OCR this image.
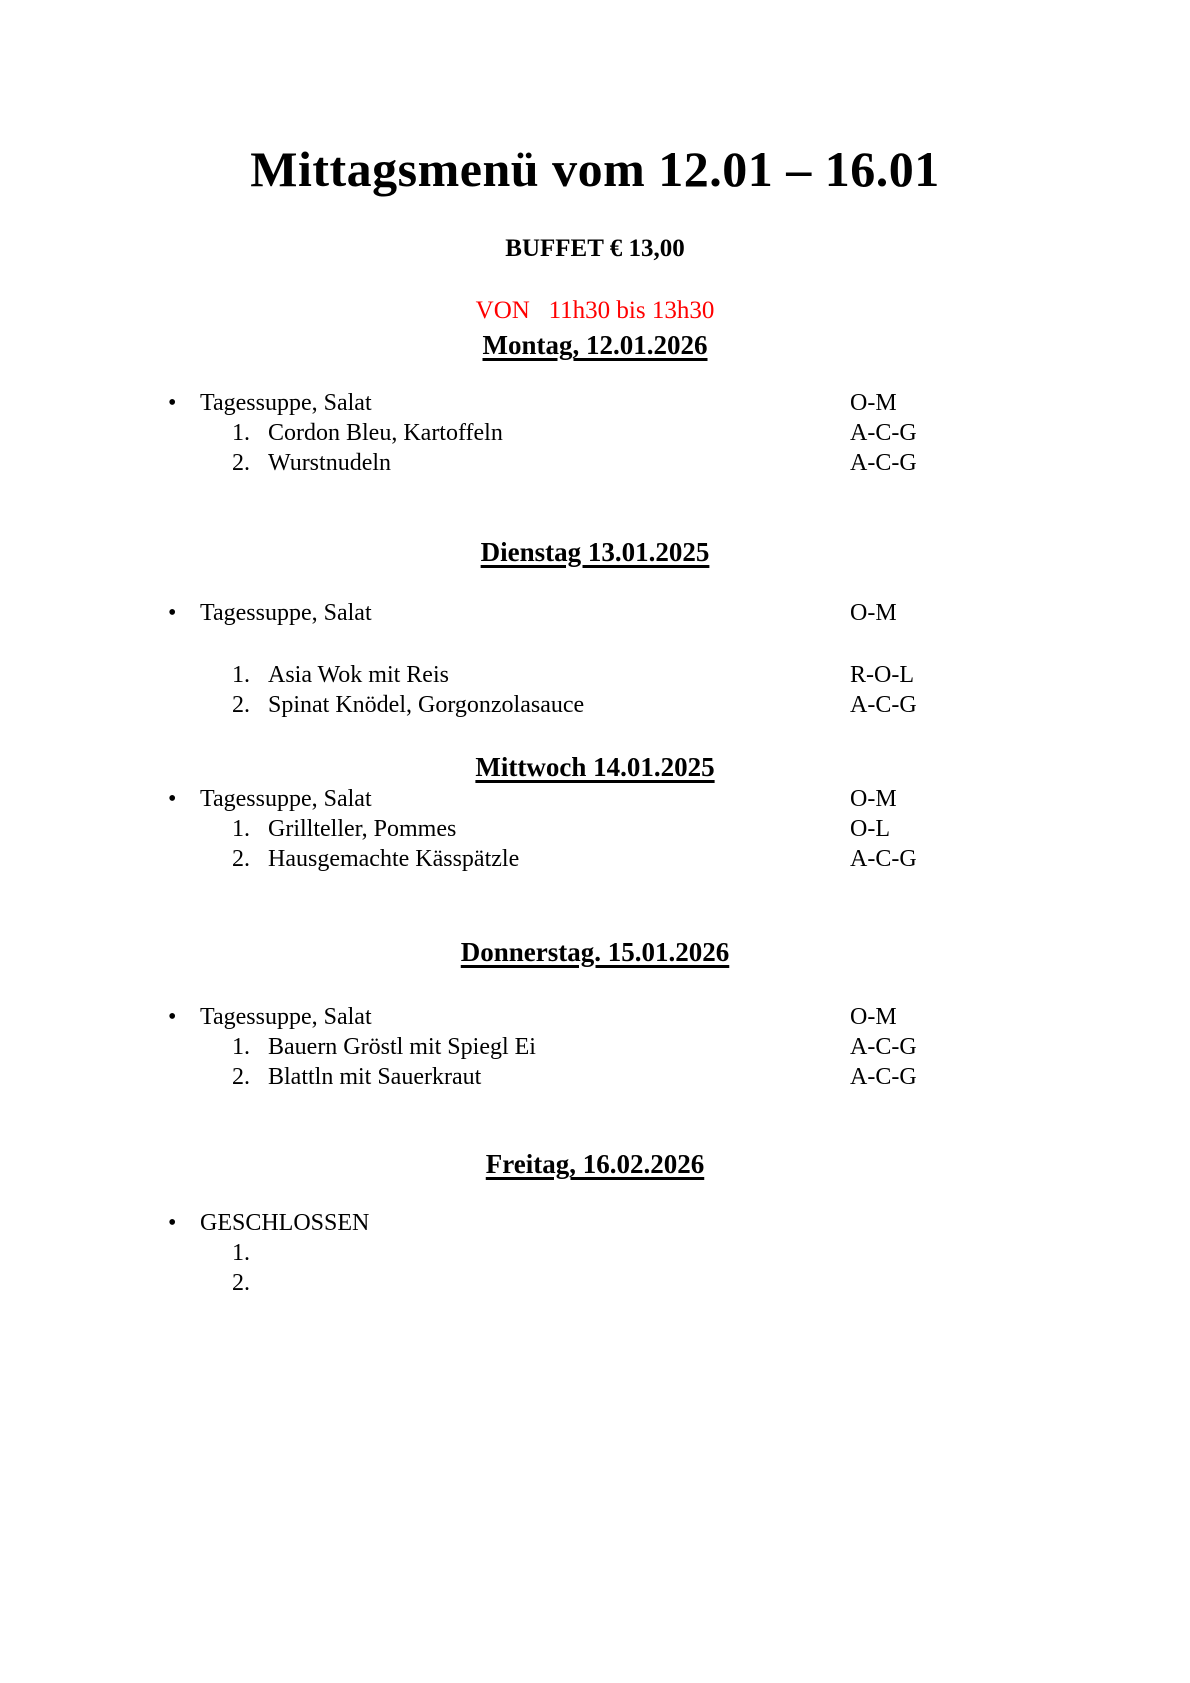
Mittagsmenü vom 12.01 – 16.01
BUFFET € 13,00
VON   11h30 bis 13h30
Montag, 12.01.2026
• Tagessuppe, Salat	O-M
1. Cordon Bleu, Kartoffeln	A-C-G
2. Wurstnudeln	A-C-G
Dienstag 13.01.2025
• Tagessuppe, Salat	O-M
1. Asia Wok mit Reis	R-O-L
2. Spinat Knödel, Gorgonzolasauce	A-C-G
Mittwoch 14.01.2025
• Tagessuppe, Salat	O-M
1. Grillteller, Pommes	O-L
2. Hausgemachte Kässpätzle	A-C-G
Donnerstag. 15.01.2026
• Tagessuppe, Salat	O-M
1. Bauern Gröstl mit Spiegl Ei	A-C-G
2. Blattln mit Sauerkraut	A-C-G
Freitag, 16.02.2026
• GESCHLOSSEN
1.
2.
